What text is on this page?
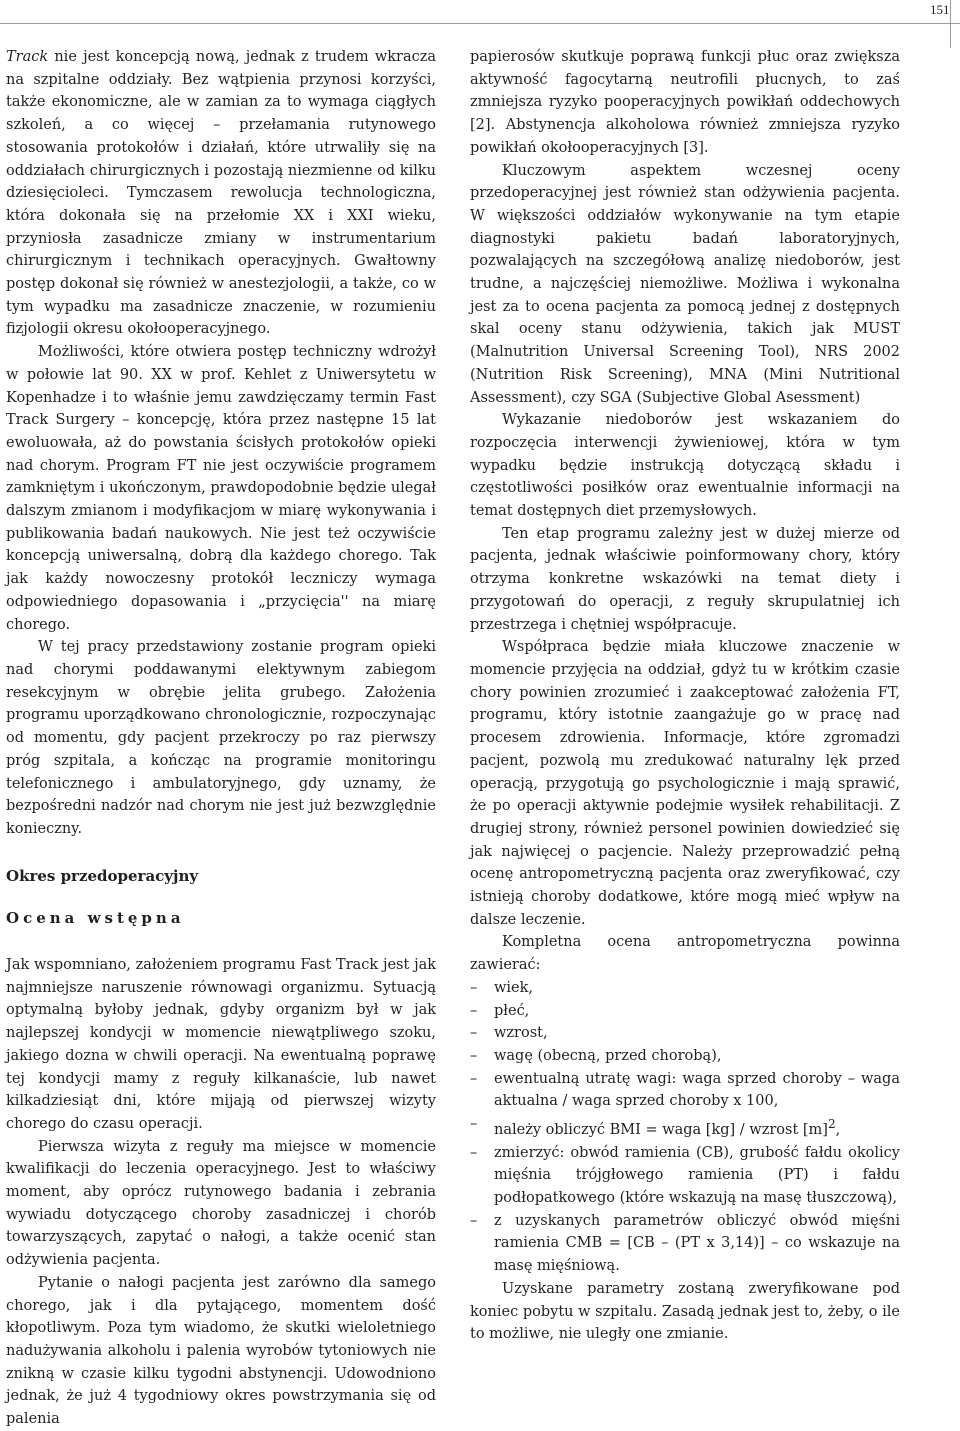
151

Track nie jest koncepcją nową, jednak z trudem wkracza na szpitalne oddziały. Bez wątpienia przynosi korzyści, także ekonomiczne, ale w zamian za to wymaga ciągłych szkoleń, a co więcej – przełamania rutynowego stosowania protokołów i działań, które utrwaliły się na oddziałach chirurgicznych i pozostają niezmienne od kilku dziesięcioleci. Tymczasem rewolucja technologiczna, która dokonała się na przełomie XX i XXI wieku, przyniosła zasadnicze zmiany w instrumentarium chirurgicznym i technikach operacyjnych. Gwałtowny postęp dokonał się również w anestezjologii, a także, co w tym wypadku ma zasadnicze znaczenie, w rozumieniu fizjologii okresu okołooperacyjnego.

Możliwości, które otwiera postęp techniczny wdrożył w połowie lat 90. XX w prof. Kehlet z Uniwersytetu w Kopenhadze i to właśnie jemu zawdzięczamy termin Fast Track Surgery – koncepcję, która przez następne 15 lat ewoluowała, aż do powstania ścisłych protokołów opieki nad chorym. Program FT nie jest oczywiście programem zamkniętym i ukończonym, prawdopodobnie będzie ulegał dalszym zmianom i modyfikacjom w miarę wykonywania i publikowania badań naukowych. Nie jest też oczywiście koncepcją uniwersalną, dobrą dla każdego chorego. Tak jak każdy nowoczesny protokół leczniczy wymaga odpowiedniego dopasowania i „przycięcia'' na miarę chorego.

W tej pracy przedstawiony zostanie program opieki nad chorymi poddawanymi elektywnym zabiegom resekcyjnym w obrębie jelita grubego. Założenia programu uporządkowano chronologicznie, rozpoczynając od momentu, gdy pacjent przekroczy po raz pierwszy próg szpitala, a kończąc na programie monitoringu telefonicznego i ambulatoryjnego, gdy uznamy, że bezpośredni nadzór nad chorym nie jest już bezwzględnie konieczny.

Okres przedoperacyjny
Ocena wstępna

Jak wspomniano, założeniem programu Fast Track jest jak najmniejsze naruszenie równowagi organizmu. Sytuacją optymalną byłoby jednak, gdyby organizm był w jak najlepszej kondycji w momencie niewątpliwego szoku, jakiego dozna w chwili operacji. Na ewentualną poprawę tej kondycji mamy z reguły kilkanaście, lub nawet kilkadziesiąt dni, które mijają od pierwszej wizyty chorego do czasu operacji.

Pierwsza wizyta z reguły ma miejsce w momencie kwalifikacji do leczenia operacyjnego. Jest to właściwy moment, aby oprócz rutynowego badania i zebrania wywiadu dotyczącego choroby zasadniczej i chorób towarzyszących, zapytać o nałogi, a także ocenić stan odżywienia pacjenta.

Pytanie o nałogi pacjenta jest zarówno dla samego chorego, jak i dla pytającego, momentem dość kłopotliwym. Poza tym wiadomo, że skutki wieloletniego nadużywania alkoholu i palenia wyrobów tytoniowych nie znikną w czasie kilku tygodni abstynencji. Udowodniono jednak, że już 4 tygodniowy okres powstrzymania się od palenia

papierosów skutkuje poprawą funkcji płuc oraz zwiększa aktywność fagocytarną neutrofili płucnych, to zaś zmniejsza ryzyko pooperacyjnych powikłań oddechowych [2]. Abstynencja alkoholowa również zmniejsza ryzyko powikłań okołooperacyjnych [3].

Kluczowym aspektem wczesnej oceny przedoperacyjnej jest również stan odżywienia pacjenta. W większości oddziałów wykonywanie na tym etapie diagnostyki pakietu badań laboratoryjnych, pozwalających na szczegółową analizę niedoborów, jest trudne, a najczęściej niemożliwe. Możliwa i wykonalna jest za to ocena pacjenta za pomocą jednej z dostępnych skal oceny stanu odżywienia, takich jak MUST (Malnutrition Universal Screening Tool), NRS 2002 (Nutrition Risk Screening), MNA (Mini Nutritional Assessment), czy SGA (Subjective Global Asessment)

Wykazanie niedoborów jest wskazaniem do rozpoczęcia interwencji żywieniowej, która w tym wypadku będzie instrukcją dotyczącą składu i częstotliwości posiłków oraz ewentualnie informacji na temat dostępnych diet przemysłowych.

Ten etap programu zależny jest w dużej mierze od pacjenta, jednak właściwie poinformowany chory, który otrzyma konkretne wskazówki na temat diety i przygotowań do operacji, z reguły skrupulatniej ich przestrzega i chętniej współpracuje.

Współpraca będzie miała kluczowe znaczenie w momencie przyjęcia na oddział, gdyż tu w krótkim czasie chory powinien zrozumieć i zaakceptować założenia FT, programu, który istotnie zaangażuje go w pracę nad procesem zdrowienia. Informacje, które zgromadzi pacjent, pozwolą mu zredukować naturalny lęk przed operacją, przygotują go psychologicznie i mają sprawić, że po operacji aktywnie podejmie wysiłek rehabilitacji. Z drugiej strony, również personel powinien dowiedzieć się jak najwięcej o pacjencie. Należy przeprowadzić pełną ocenę antropometryczną pacjenta oraz zweryfikować, czy istnieją choroby dodatkowe, które mogą mieć wpływ na dalsze leczenie.

Kompletna ocena antropometryczna powinna zawierać:

– wiek,
– płeć,
– wzrost,
– wagę (obecną, przed chorobą),
– ewentualną utratę wagi: waga sprzed choroby – waga aktualna / waga sprzed choroby x 100,
– należy obliczyć BMI = waga [kg] / wzrost $[m]^2$,
– zmierzyć: obwód ramienia (CB), grubość fałdu okolicy mięśnia trójgłowego ramienia (PT) i fałdu podłopatkowego (które wskazują na masę tłuszczową),
– z uzyskanych parametrów obliczyć obwód mięśni ramienia CMB = [CB – (PT x 3,14)] – co wskazuje na masę mięśniową.

Uzyskane parametry zostaną zweryfikowane pod koniec pobytu w szpitalu. Zasadą jednak jest to, żeby, o ile to możliwe, nie uległy one zmianie.
